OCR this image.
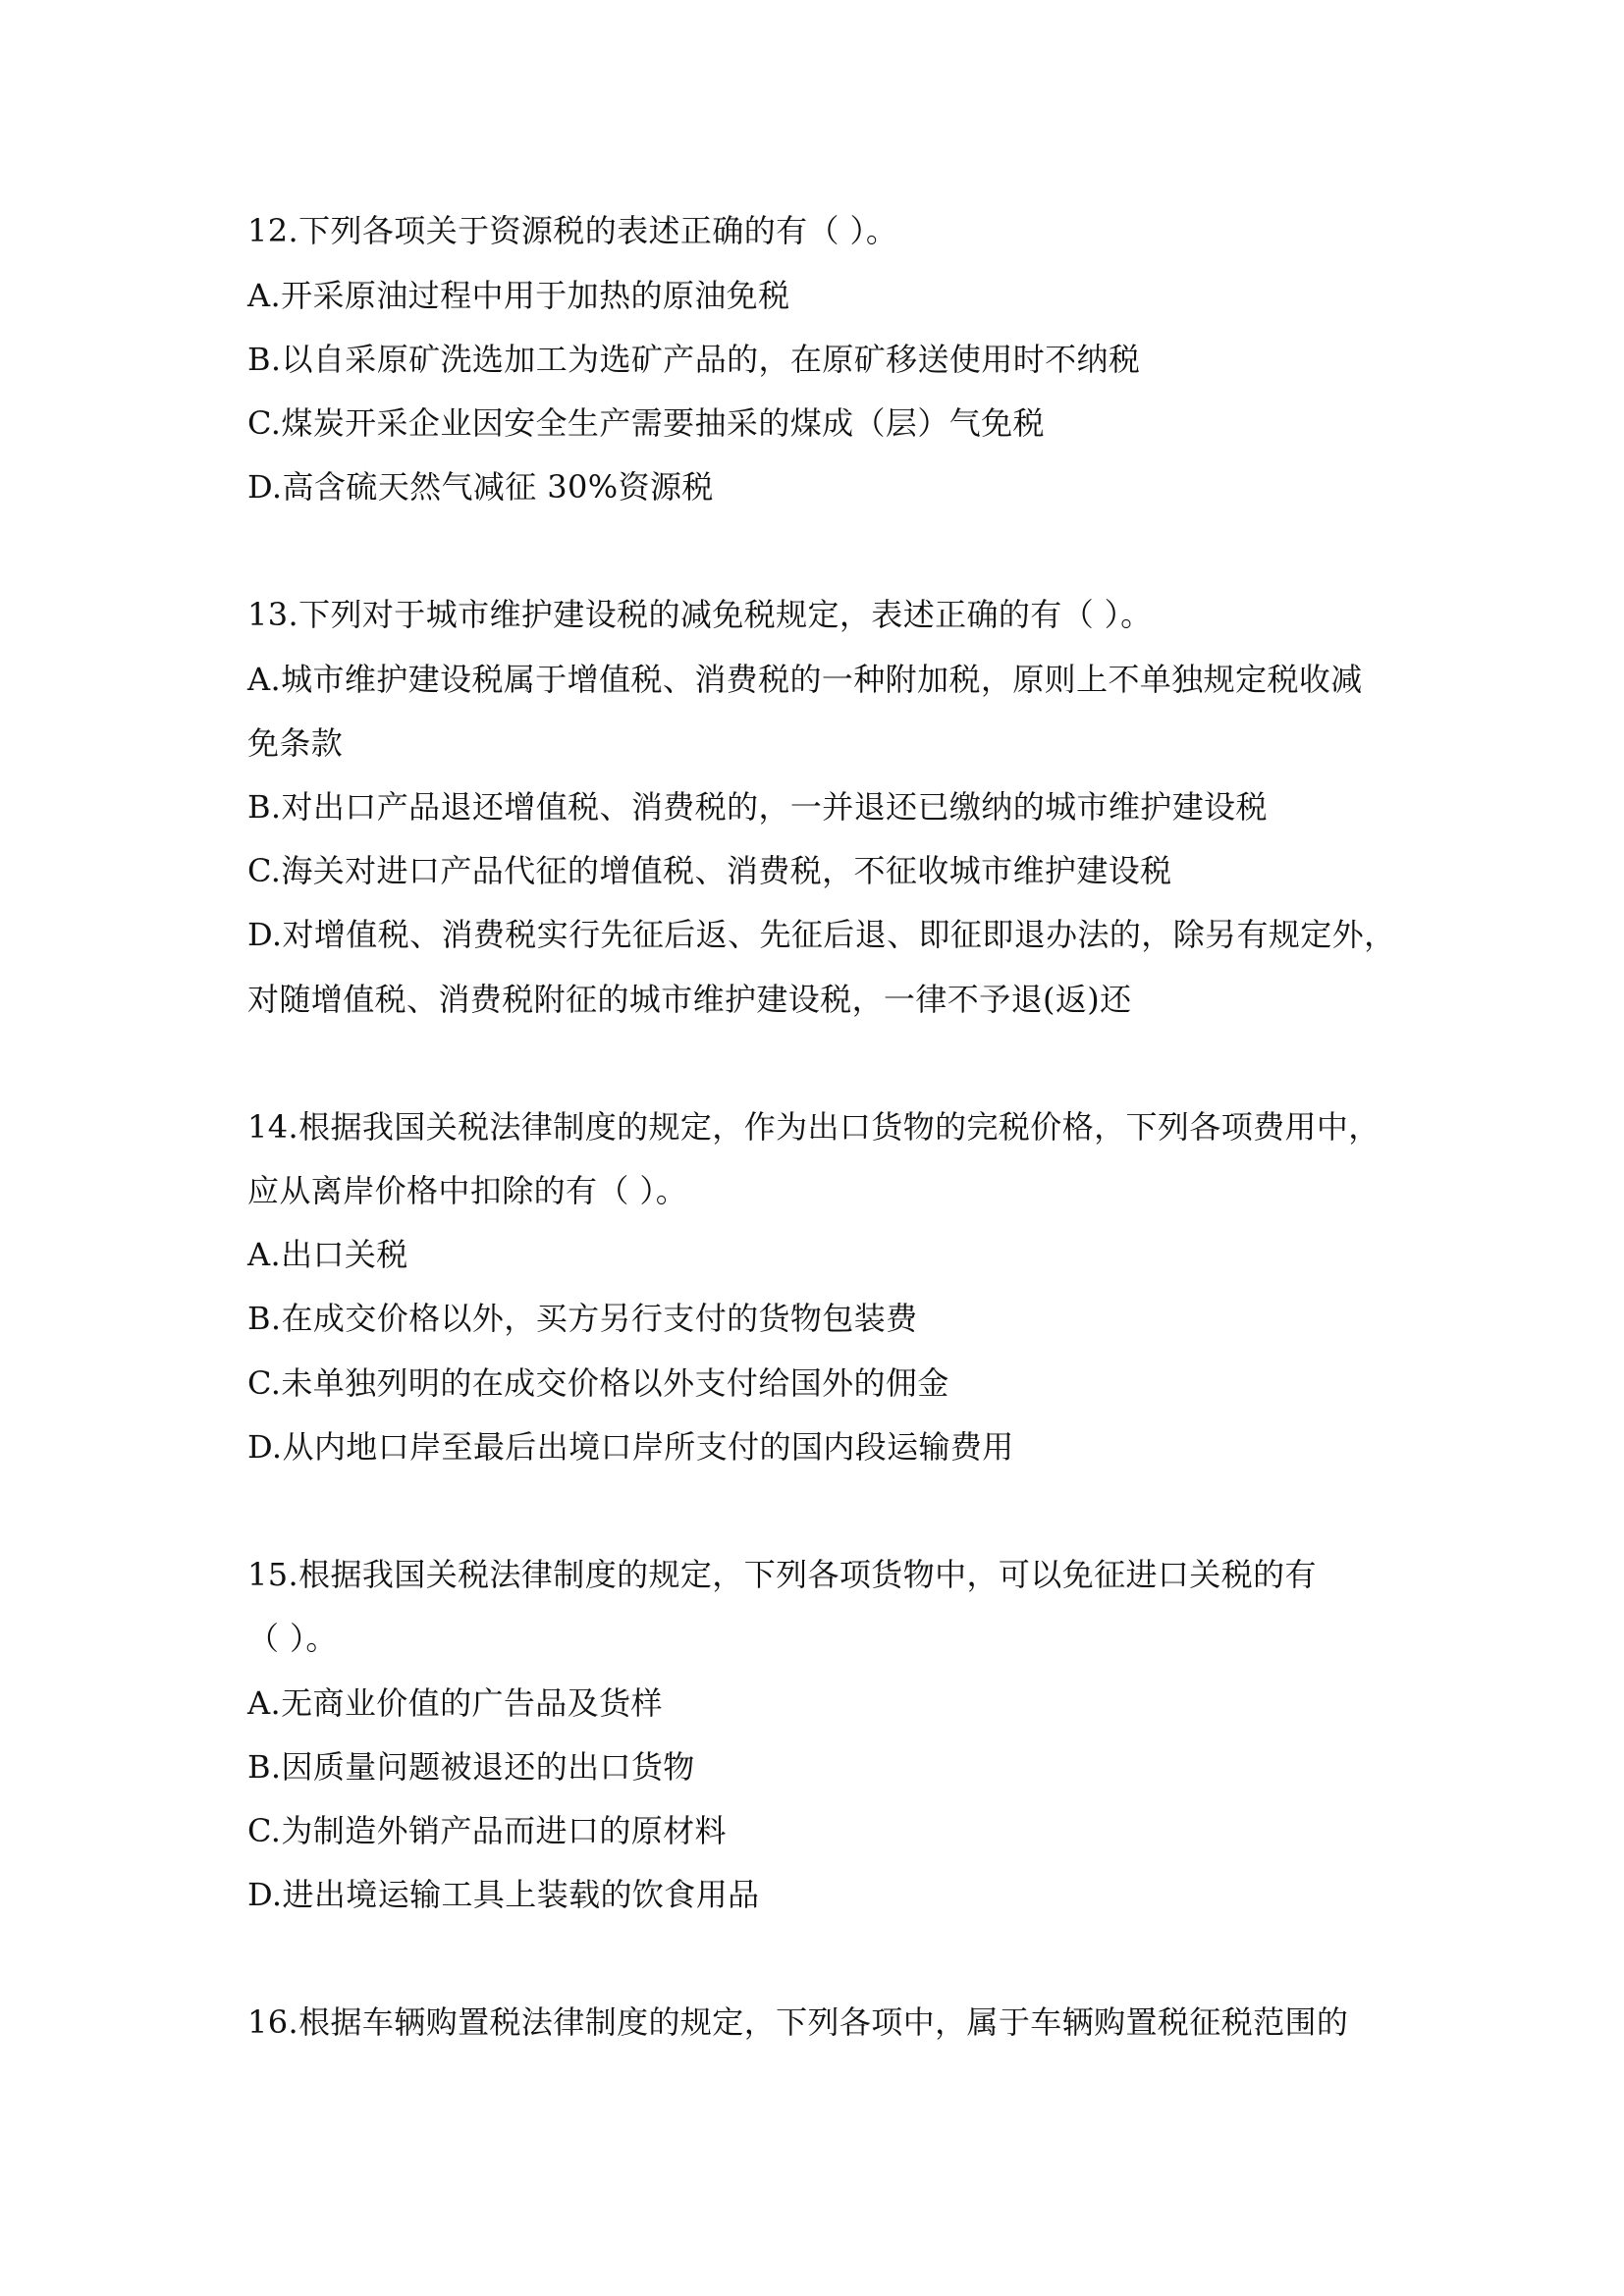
12.下列各项关于资源税的表述正确的有（ ）。
A.开采原油过程中用于加热的原油免税
B.以自采原矿洗选加工为选矿产品的，在原矿移送使用时不纳税
C.煤炭开采企业因安全生产需要抽采的煤成（层）气免税
D.高含硫天然气减征 30%资源税
13.下列对于城市维护建设税的减免税规定，表述正确的有（ ）。
A.城市维护建设税属于增值税、消费税的一种附加税，原则上不单独规定税收减
免条款
B.对出口产品退还增值税、消费税的，一并退还已缴纳的城市维护建设税
C.海关对进口产品代征的增值税、消费税，不征收城市维护建设税
D.对增值税、消费税实行先征后返、先征后退、即征即退办法的，除另有规定外，
对随增值税、消费税附征的城市维护建设税，一律不予退(返)还
14.根据我国关税法律制度的规定，作为出口货物的完税价格，下列各项费用中，
应从离岸价格中扣除的有（ ）。
A.出口关税
B.在成交价格以外，买方另行支付的货物包装费
C.未单独列明的在成交价格以外支付给国外的佣金
D.从内地口岸至最后出境口岸所支付的国内段运输费用
15.根据我国关税法律制度的规定，下列各项货物中，可以免征进口关税的有
（ ）。
A.无商业价值的广告品及货样
B.因质量问题被退还的出口货物
C.为制造外销产品而进口的原材料
D.进出境运输工具上装载的饮食用品
16.根据车辆购置税法律制度的规定，下列各项中，属于车辆购置税征税范围的
